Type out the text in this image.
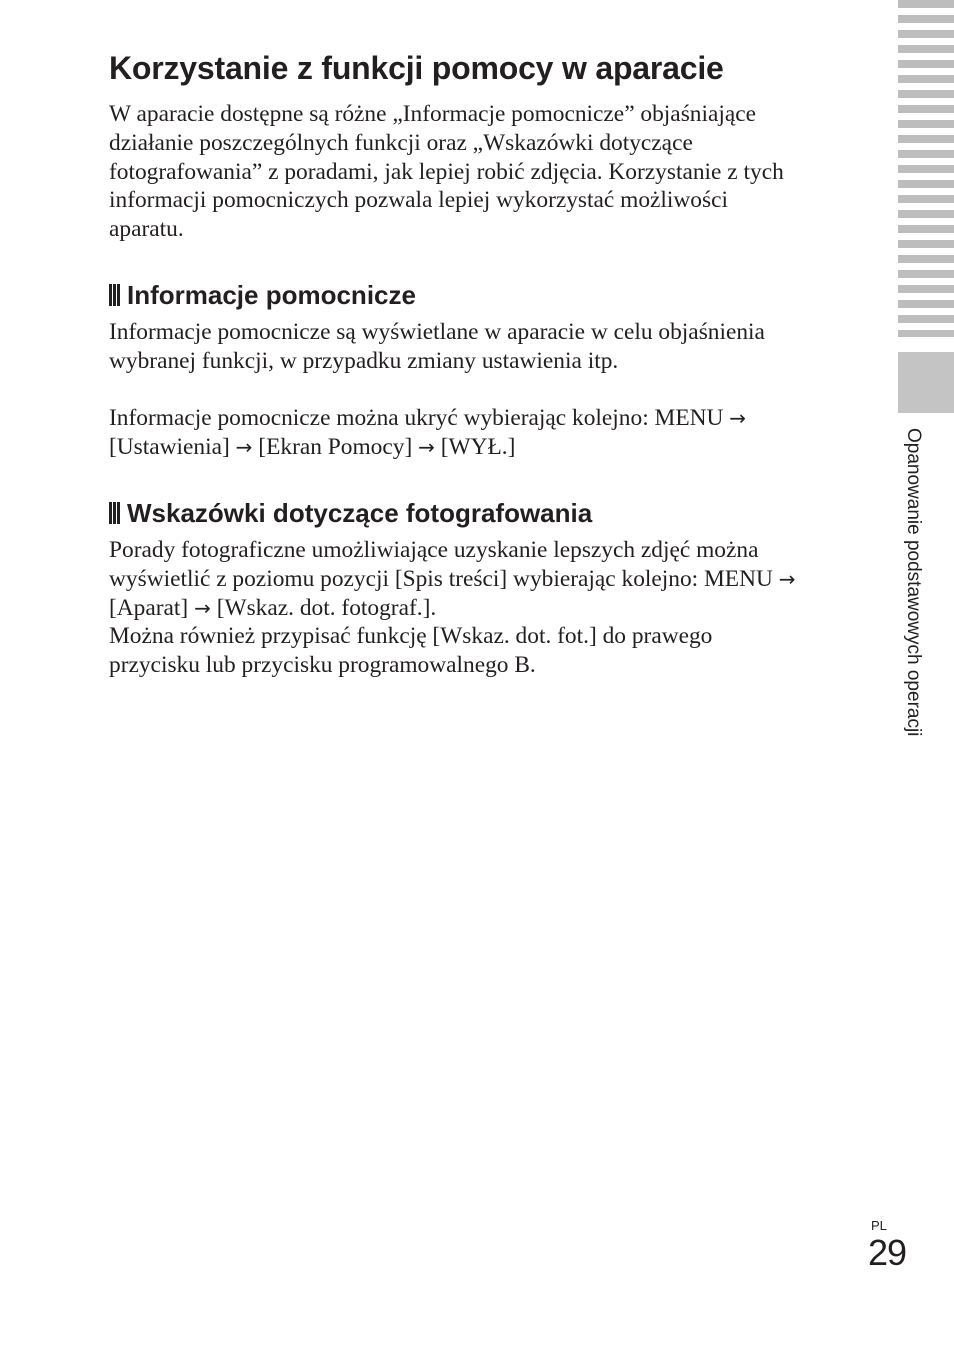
Korzystanie z funkcji pomocy w aparacie

W aparacie dostępne są różne „Informacje pomocnicze” objaśniające
działanie poszczególnych funkcji oraz „Wskazówki dotyczące
fotografowania” z poradami, jak lepiej robić zdjęcia. Korzystanie z tych
informacji pomocniczych pozwala lepiej wykorzystać możliwości
aparatu.

Informacje pomocnicze

Informacje pomocnicze są wyświetlane w aparacie w celu objaśnienia
wybranej funkcji, w przypadku zmiany ustawienia itp.

Informacje pomocnicze można ukryć wybierając kolejno: MENU →
[Ustawienia] → [Ekran Pomocy] → [WYŁ.]

Wskazówki dotyczące fotografowania

Porady fotograficzne umożliwiające uzyskanie lepszych zdjęć można
wyświetlić z poziomu pozycji [Spis treści] wybierając kolejno: MENU →
[Aparat] → [Wskaz. dot. fotograf.].
Można również przypisać funkcję [Wskaz. dot. fot.] do prawego
przycisku lub przycisku programowalnego B.	Opanowanie podstawowych operacji
PL
29
